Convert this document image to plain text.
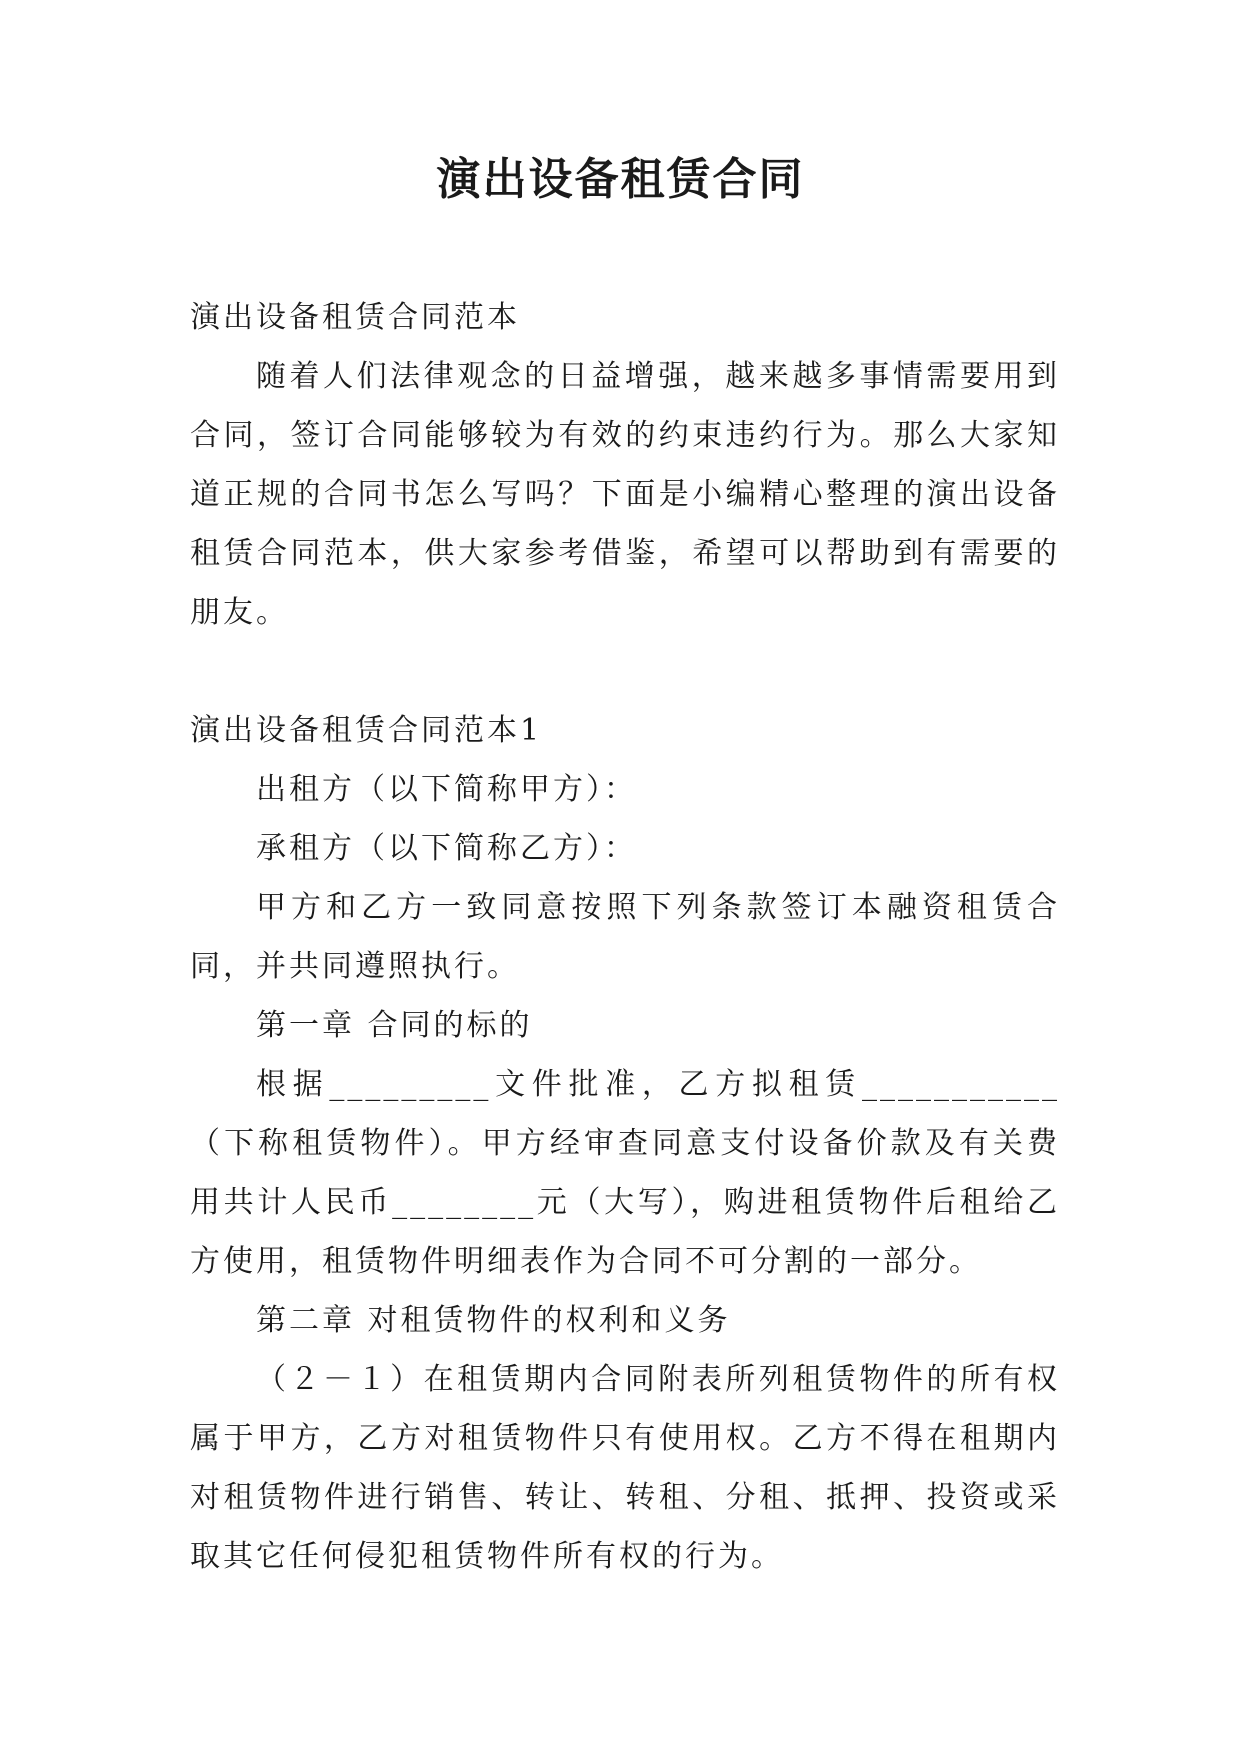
演出设备租赁合同

演出设备租赁合同范本

随着人们法律观念的日益增强，越来越多事情需要用到合同，签订合同能够较为有效的约束违约行为。那么大家知道正规的合同书怎么写吗？下面是小编精心整理的演出设备租赁合同范本，供大家参考借鉴，希望可以帮助到有需要的朋友。

演出设备租赁合同范本1

出租方（以下简称甲方）：

承租方（以下简称乙方）：

甲方和乙方一致同意按照下列条款签订本融资租赁合同，并共同遵照执行。

第一章 合同的标的

根据_________文件批准，乙方拟租赁___________（下称租赁物件）。甲方经审查同意支付设备价款及有关费用共计人民币________元（大写），购进租赁物件后租给乙方使用，租赁物件明细表作为合同不可分割的一部分。

第二章 对租赁物件的权利和义务

（２－１）在租赁期内合同附表所列租赁物件的所有权属于甲方，乙方对租赁物件只有使用权。乙方不得在租期内对租赁物件进行销售、转让、转租、分租、抵押、投资或采取其它任何侵犯租赁物件所有权的行为。
